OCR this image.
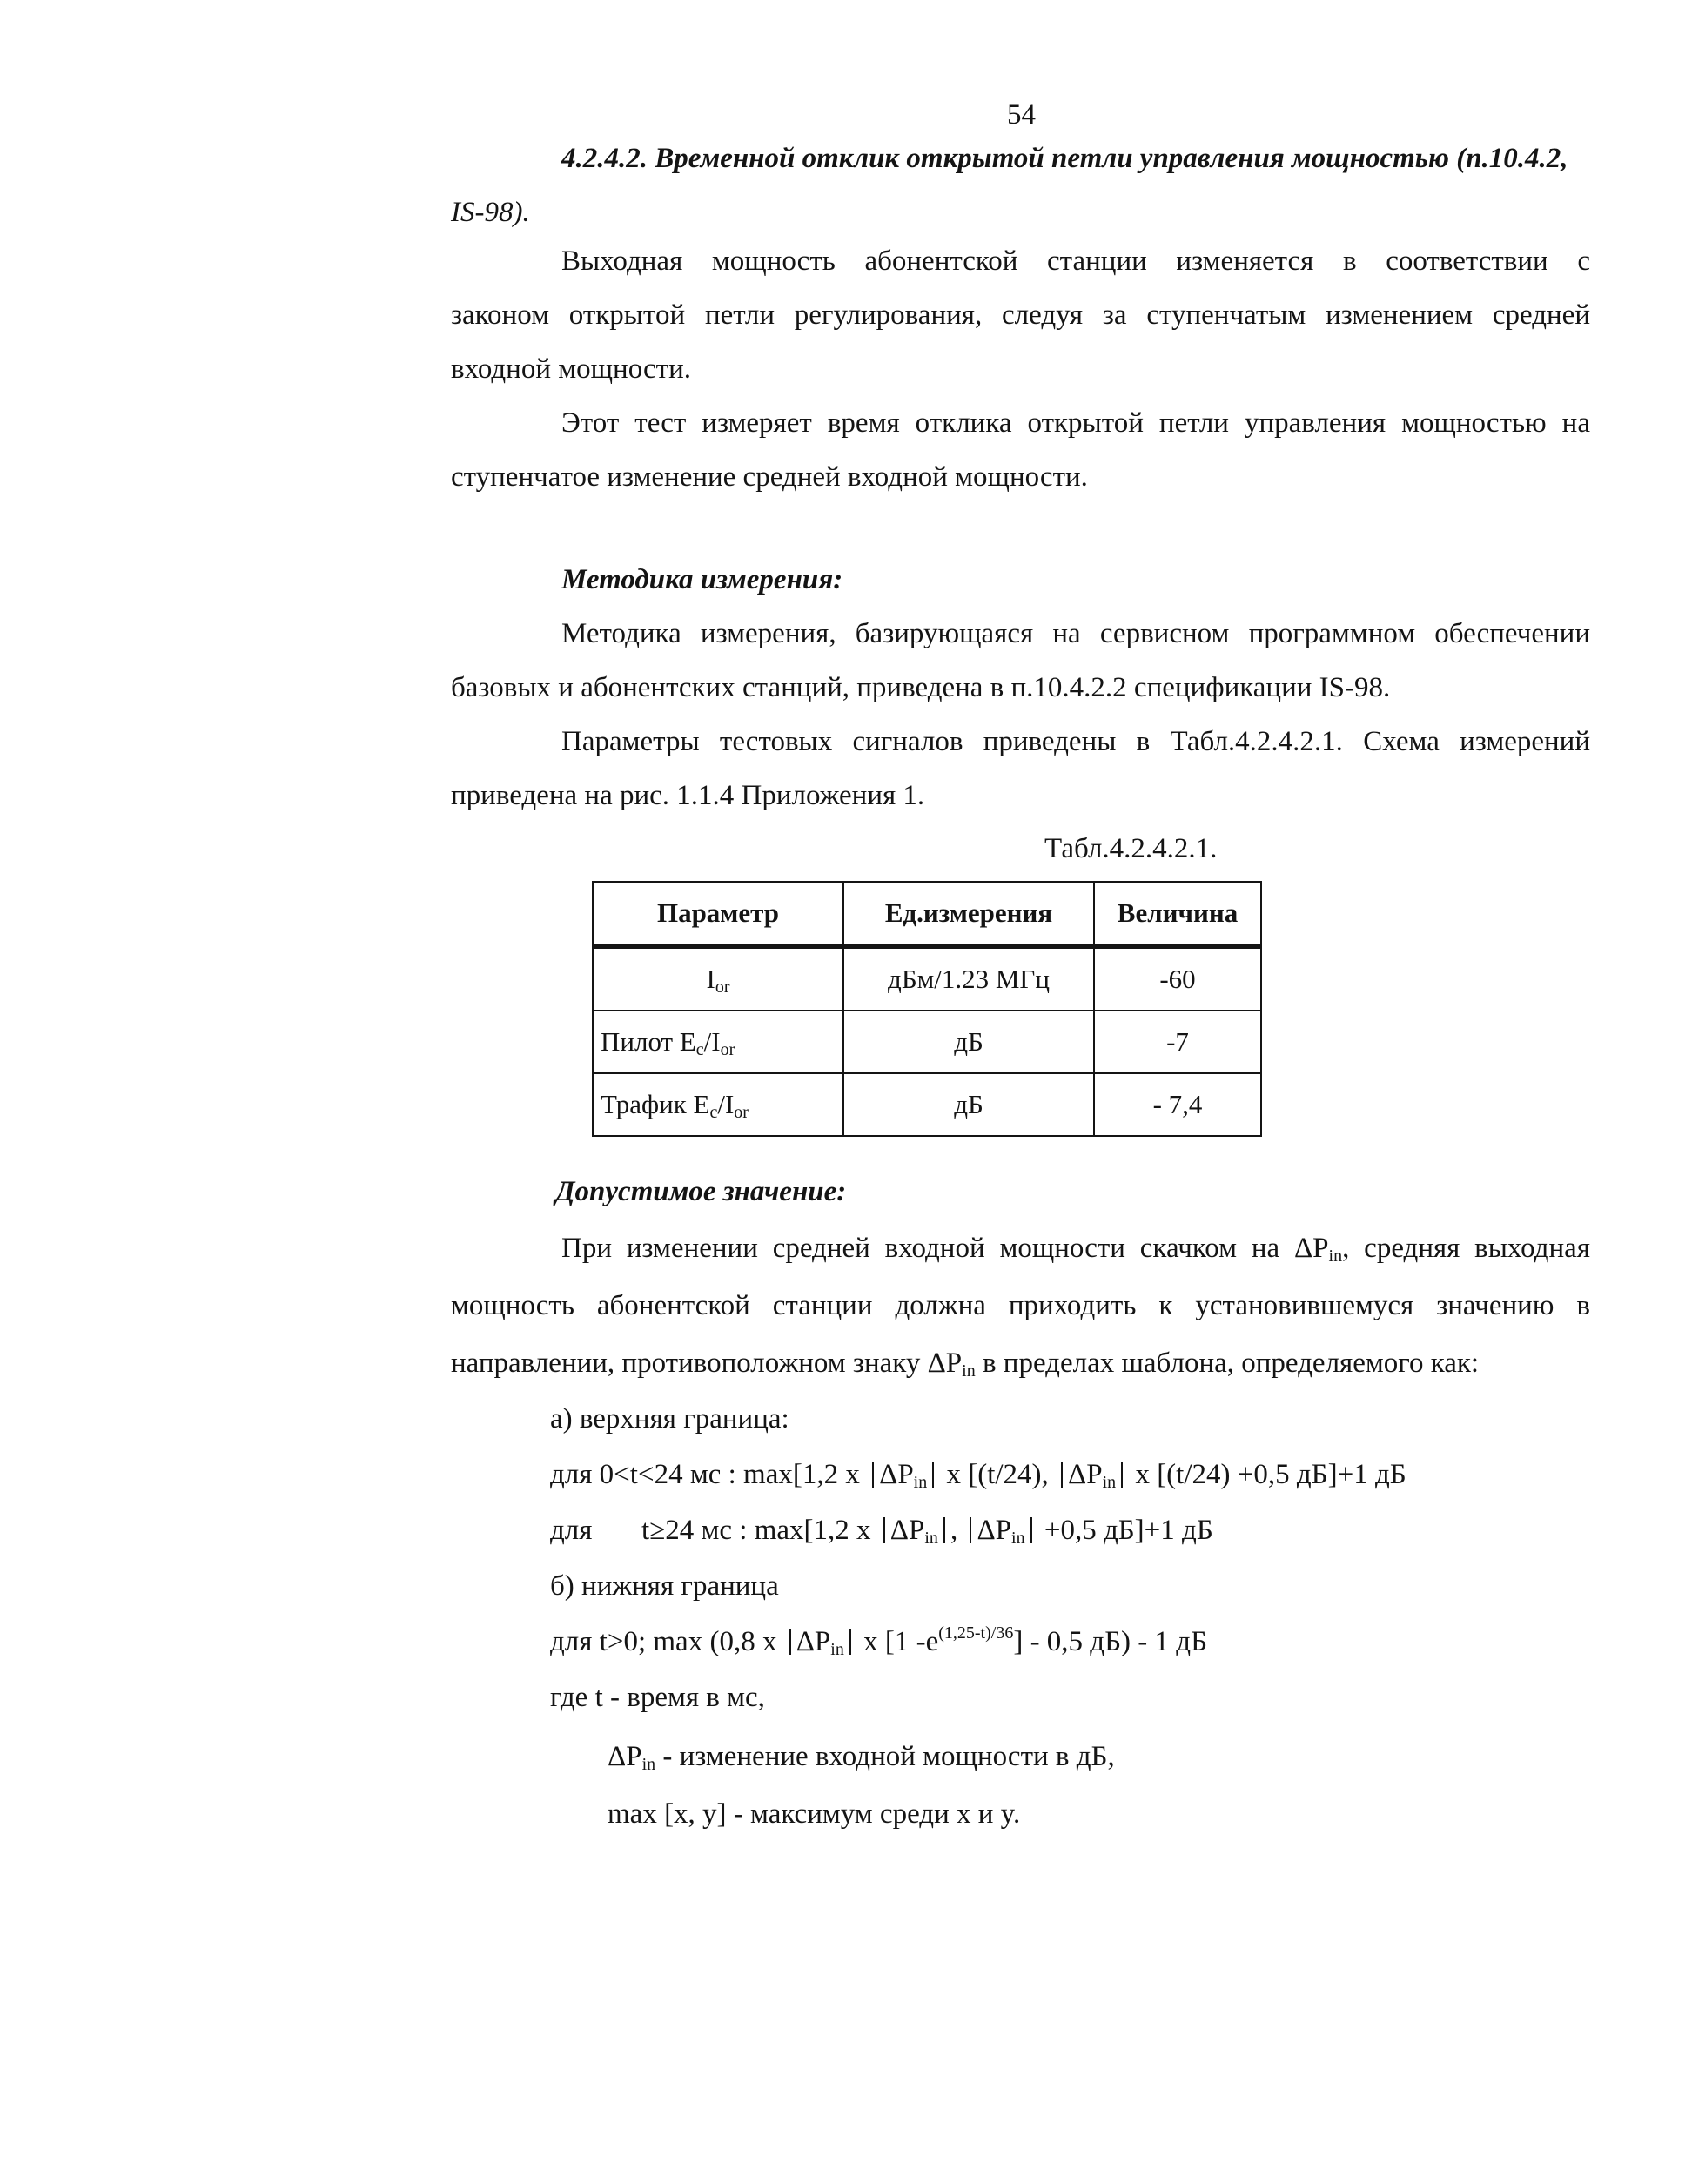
54
4.2.4.2. Временной отклик открытой петли управления мощностью (п.10.4.2,
IS-98).
Выходная мощность абонентской станции изменяется в соответствии с
законом открытой петли регулирования, следуя за ступенчатым изменением средней
входной мощности.
Этот тест измеряет время отклика открытой петли управления мощностью на
ступенчатое изменение средней входной мощности.
Методика измерения:
Методика измерения, базирующаяся на сервисном программном обеспечении
базовых и абонентских станций, приведена в п.10.4.2.2 спецификации IS-98.
Параметры тестовых сигналов приведены в Табл.4.2.4.2.1. Схема измерений
приведена на рис. 1.1.4 Приложения 1.
Табл.4.2.4.2.1.
Параметр	Ед.измерения	Величина
$I_{or}$	дБм/1.23 МГц	-60
Пилот $E_c/I_{or}$	дБ	-7
Трафик $E_c/I_{or}$	дБ	- 7,4
Допустимое значение:
При изменении средней входной мощности скачком на $\Delta P_{in}$, средняя выходная
мощность абонентской станции должна приходить к установившемуся значению в
направлении, противоположном знаку $\Delta P_{in}$ в пределах шаблона, определяемого как:
а) верхняя граница:
для 0<t<24 мс : max[1,2 x $\Delta P_{in}$ x [(t/24), $\Delta P_{in}$ x [(t/24) +0,5 дБ]+1 дБ
для t≥24 мс : max[1,2 x $\Delta P_{in}$ , $\Delta P_{in} +0,5$ дБ]+1 дБ
б) нижняя граница
для t>0; max (0,8 x $\Delta P_{in}$ x [1 $-e^{(1,25-t)/36}] - 0,5$ дБ) - 1 дБ
где t - время в мс,
$\Delta P_{in}$ - изменение входной мощности в дБ,
max [x, y] - максимум среди x и y.
